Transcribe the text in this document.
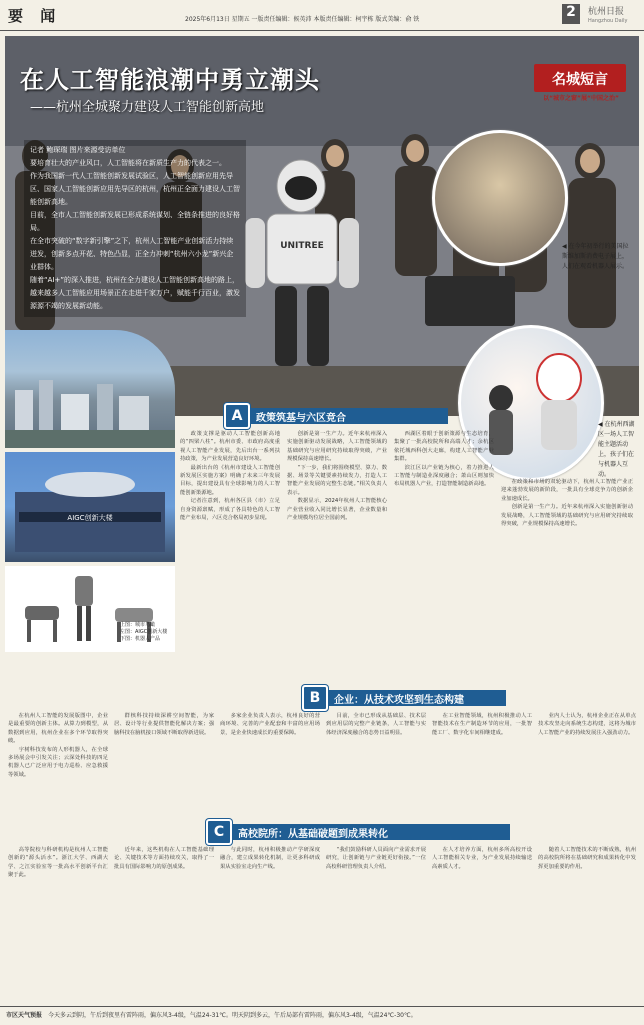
要 闻	2025年6月13日 星期五 一版责任编辑：候英沛 本版责任编辑：柯宇栋 版式美编：俞 铁	2	杭州日报
Hangzhou Daily
UNITREE
在人工智能浪潮中勇立潮头
——杭州全城聚力建设人工智能创新高地
记者 鲍琛瑞 图片来源受访单位
要培育壮大的产业风口，人工智能将在新质生产力的代表之一。
作为我国新一代人工智能创新发展试验区，人工智能创新应用先导区、国家人工智能创新应用先导区的杭州，杭州正全面力建设人工智能创新高地。
目前，全市人工智能创新发展已形成系统谋划、全链条推进的良好格局。
在全市突破的“数字新引擎”之下，杭州人工智能产业创新活力持续迸发，创新多点开花、特色凸显，正全力冲刺“杭州六小龙”新兴企业群体。
随着“AI+”的深入推进，杭州在全力建设人工智能创新高地的路上，越来越多人工智能应用场景正在走进千家万户，赋能千行百业，激发源源不竭的发展新动能。
名城短言
以“城市之窗”展“中国之治”
◀ 在今年初举行的美国拉斯维加斯消费电子展上，人们在观看机器人展示。
◀ 在杭州西湖区一场人工智能主题活动上，孩子们在与机器人互动。
AIGC创新大楼
上图：城市鸟瞰
左图：AIGC创新大楼
下图：机器人产品
A	政策筑基与六区竞合

政策支撑是驱动人工智能创新高地的“四梁八柱”。杭州市委、市政府高度重视人工智能产业发展，先后出台一系列扶持政策，为产业发展营造良好环境。

最新出台的《杭州市建设人工智能创新发展区实施方案》明确了未来三年发展目标，提出建设具有全球影响力的人工智能创新策源地。

记者注意到，杭州各区县（市）立足自身资源禀赋，形成了各具特色的人工智能产业布局，六区竞合格局初步显现。

创新是第一生产力。近年来杭州深入实施创新驱动发展战略，人工智能领域的基础研究与应用研究持续取得突破，产业规模保持高速增长。

“下一步，我们将围绕模型、算力、数据、场景等关键要素持续发力，打造人工智能产业发展的完整生态链。”相关负责人表示。

数据显示，2024年杭州人工智能核心产业营业收入同比增长显著，企业数量和产业规模均位居全国前列。

西湖区着眼于创新策源与生态培育，集聚了一批高校院所和高端人才；余杭区依托城西科创大走廊，构建人工智能产业集群。

滨江区以产业链为核心，着力推进人工智能与制造业深度融合；萧山区则加快布局机器人产业，打造智能制造新高地。	在政策和市场的双轮驱动下，杭州人工智能产业正迎来蓬勃发展的新阶段，一批具有全球竞争力的创新企业加速成长。

创新是第一生产力。近年来杭州深入实施创新驱动发展战略，人工智能领域的基础研究与应用研究持续取得突破，产业规模保持高速增长。

B	企业：从技术攻坚到生态构建

在杭州人工智能的发展版图中，企业是最重要的创新主体。从算力到模型，从数据到应用，杭州企业在多个环节取得突破。

宇树科技发布的人形机器人，在全球多场展会中引发关注；云深处科技的四足机器人已广泛应用于电力巡检、应急救援等领域。

群核科技持续深耕空间智能，为家居、设计等行业提供智能化解决方案；强脑科技在脑机接口领域不断取得新进展。

多家企业负责人表示，杭州良好的营商环境、完善的产业配套和丰富的应用场景，是企业快速成长的重要保障。

目前，全市已形成从基础层、技术层到应用层的完整产业链条，人工智能与实体经济深度融合的态势日益明显。

在工业智能领域，杭州积极推动人工智能技术在生产制造环节的应用，一批智能工厂、数字化车间相继建成。

业内人士认为，杭州企业正在从单点技术攻坚走向系统生态构建，这将为城市人工智能产业的持续发展注入强劲动力。

C	高校院所：从基础破题到成果转化

高等院校与科研机构是杭州人工智能创新的“源头活水”。浙江大学、西湖大学、之江实验室等一批高水平创新平台汇聚于此。

近年来，这些机构在人工智能基础理论、关键技术等方面持续攻关，取得了一批具有国际影响力的原创成果。

与此同时，杭州积极推动产学研深度融合，建立成果转化机制，让更多科研成果从实验室走向生产线。

“我们鼓励科研人员面向产业需求开展研究，让创新链与产业链更好衔接。”一位高校科研管理负责人介绍。

在人才培养方面，杭州多所高校开设人工智能相关专业，为产业发展持续输送高素质人才。

随着人工智能技术的不断成熟，杭州的高校院所将在基础研究和成果转化中发挥更加重要的作用。

市区天气预报 今天多云到阴，午后到夜里有雷阵雨，偏东风3-4级，气温24-31℃。明天阴到多云，午后局部有雷阵雨，偏东风3-4级，气温24℃-30℃。
